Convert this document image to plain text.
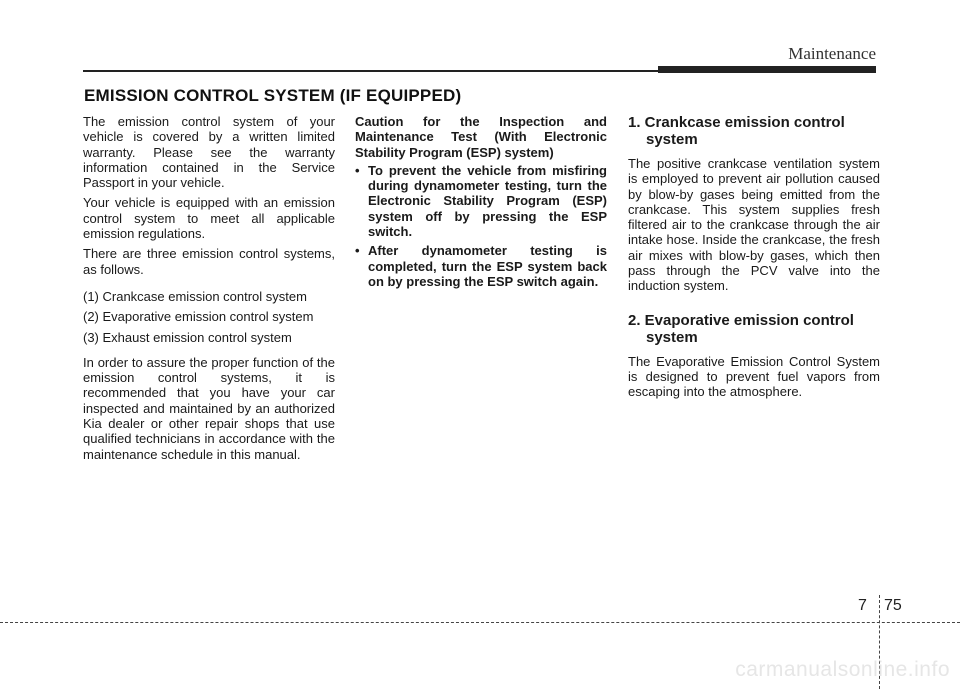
Maintenance
EMISSION CONTROL SYSTEM (IF EQUIPPED)

The emission control system of your vehicle is covered by a written limited warranty. Please see the warranty information contained in the Service Passport in your vehicle.

Your vehicle is equipped with an emission control system to meet all applicable emission regulations.

There are three emission control systems, as follows.

(1) Crankcase emission control system
(2) Evaporative emission control system
(3) Exhaust emission control system

In order to assure the proper function of the emission control systems, it is recommended that you have your car inspected and maintained by an authorized Kia dealer or other repair shops that use qualified technicians in accordance with the maintenance schedule in this manual.

Caution for the Inspection and Maintenance Test (With Electronic Stability Program (ESP) system)
• To prevent the vehicle from misfiring during dynamometer testing, turn the Electronic Stability Program (ESP) system off by pressing the ESP switch.
• After dynamometer testing is completed, turn the ESP system back on by pressing the ESP switch again.
1. Crankcase emission control system

The positive crankcase ventilation system is employed to prevent air pollution caused by blow-by gases being emitted from the crankcase. This system supplies fresh filtered air to the crankcase through the air intake hose. Inside the crankcase, the fresh air mixes with blow-by gases, which then pass through the PCV valve into the induction system.

2. Evaporative emission control system

The Evaporative Emission Control System is designed to prevent fuel vapors from escaping into the atmosphere.

7 75
carmanualsonline.info
